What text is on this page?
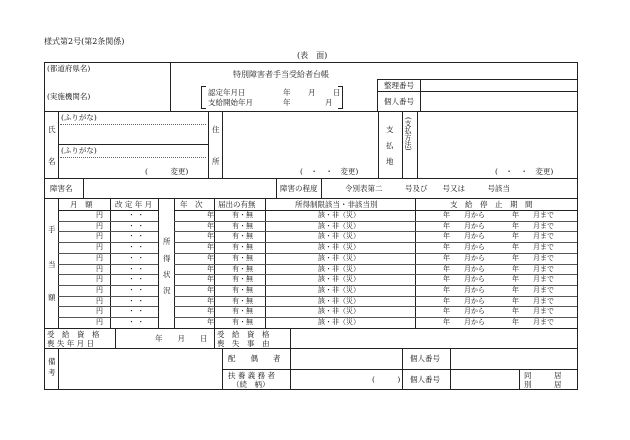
様式第2号(第2条関係)
(表　面)
(都道府県名)
特別障害者手当受給者台帳
(実施機関名)	認定年月日	年 月 日
支給開始年月	年	月
整理番号
個人番号
氏
名
(ふりがな)
(ふりがな)
(　　　変更)
住
所
(　・　・　変更)
支
払
地
(支払方法)
(　・　・　変更)
障害名	障害の程度	令別表第二　　　号及び　　号又は　　　号該当
月　額	改 定 年 月	年　次 届出の有無	所得制限該当・非該当別	支　給　停　止　期　間
手
当
額
所
得
状
況
円	・ ・	年	有・無	該・非（災）	年　　月から	年　　月まで
円	・ ・	年	有・無	該・非（災）	年　　月から	年　　月まで
円	・ ・	年	有・無	該・非（災）	年　　月から	年　　月まで
円	・ ・	年	有・無	該・非（災）	年　　月から	年　　月まで
円	・ ・	年	有・無	該・非（災）	年　　月から	年　　月まで
円	・ ・	年	有・無	該・非（災）	年　　月から	年　　月まで
円	・ ・	年	有・無	該・非（災）	年　　月から	年　　月まで
円	・ ・	年	有・無	該・非（災）	年　　月から	年　　月まで
円	・ ・	年	有・無	該・非（災）	年　　月から	年　　月まで
円	・ ・	年	有・無	該・非（災）	年　　月から	年　　月まで
円	・ ・	年	有・無	該・非（災）	年　　月から	年　　月まで
受　給　資　格
喪 失 年 月 日
年　　月　　日 受　給　資　格
喪　失　事　由
備
考
配　　偶　　者	個人番号
扶 養 義 務 者
（続　柄）
(　　　) 個人番号	同　　　居
別　　　居
